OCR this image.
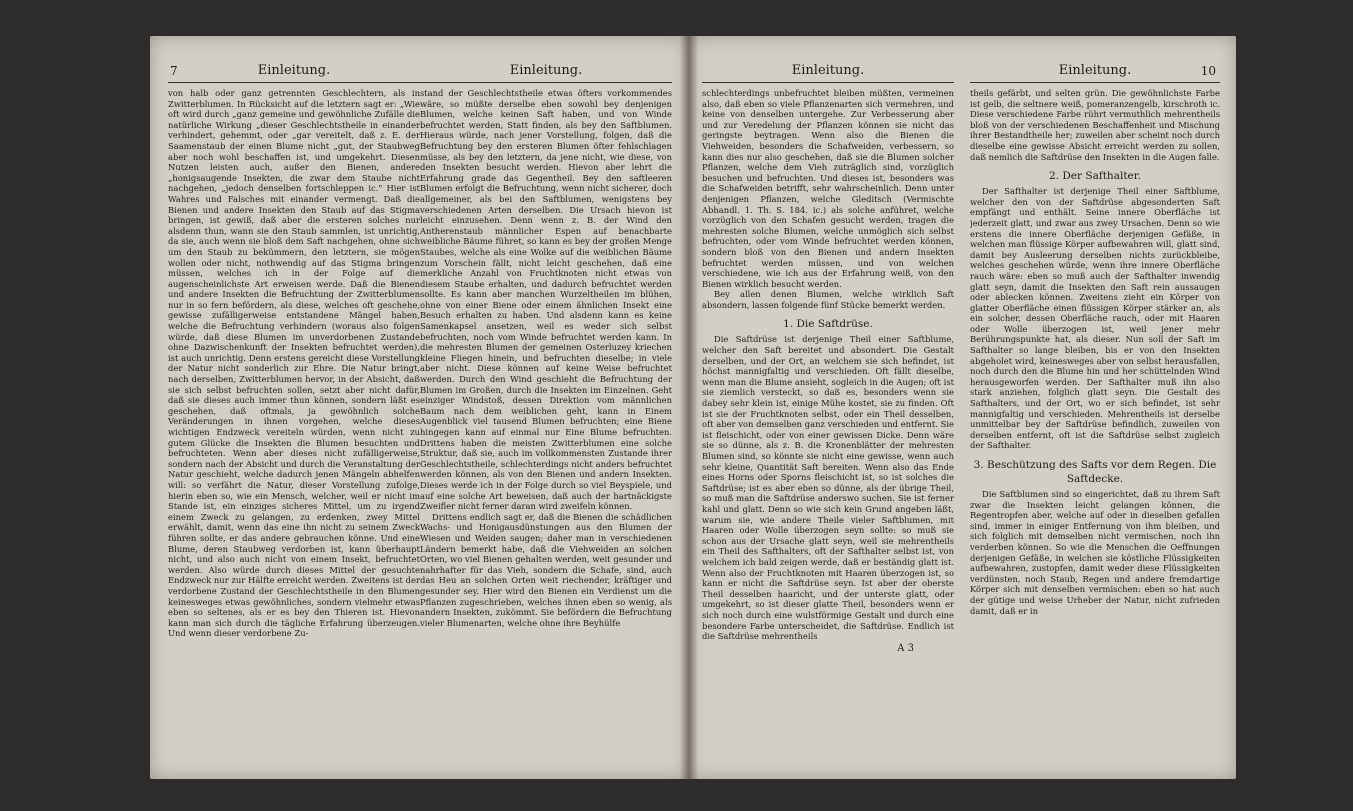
7	Einleitung.

von halb oder ganz getrennten Geschlechtern, als in Zwitterblumen. In Rücksicht auf die letztern sagt er: „Wie oft wird durch „ganz gemeine und gewöhnliche Zufälle die natürliche Wirkung „dieser Geschlechtstheile in einander verhindert, gehemmt, oder „gar vereitelt, daß z. E. der Saamenstaub der einen Blume nicht „gut, der Staubweg aber noch wohl beschaffen ist, und umgekehrt. Diesen Nutzen leisten auch, außer den Bienen, andere „honigsaugende Insekten, die zwar dem Staube nicht nachgehen, „jedoch denselben fortschleppen ic." Hier ist Wahres und Falsches mit einander vermengt. Daß die Bienen und andere Insekten den Staub auf das Stigma bringen, ist gewiß, daß aber die ersteren solches nur alsdenn thun, wann sie den Staub sammlen, ist unrichtig, da sie, auch wenn sie bloß dem Saft nachgehen, ohne sich um den Staub zu bekümmern, den letztern, sie mögen wollen oder nicht, nothwendig auf das Stigma bringen müssen, welches ich in der Folge auf die augenscheinlichste Art erweisen werde. Daß die Bienen und andere Insekten die Befruchtung der Zwitterblumen nur in so fern befördern, als diese, welches oft geschehe, gewisse zufälligerweise entstandene Mängel haben, welche die Befruchtung verhindern (woraus also folgen würde, daß diese Blumen im unverdorbenen Zustande ohne Dazwischenkunft der Insekten befruchtet werden), ist auch unrichtig. Denn erstens gereicht diese Vorstellung der Natur nicht sonderlich zur Ehre. Die Natur bringt, nach derselben, Zwitterblumen hervor, in der Absicht, daß sie sich selbst befruchten sollen, setzt aber nicht dafür, daß sie dieses auch immer thun können, sondern läßt es geschehen, daß oftmals, ja gewöhnlich solche Veränderungen in ihnen vorgehen, welche dieses wichtigen Endzweck vereiteln würden, wenn nicht zu gutem Glücke die Insekten die Blumen besuchten und befruchteten. Wenn aber dieses nicht zufälligerweise, sondern nach der Absicht und durch die Veranstaltung der Natur geschieht, welche dadurch jenen Mängeln abhelfen will: so verfährt die Natur, dieser Vorstellung zufolge, hierin eben so, wie ein Mensch, welcher, weil er nicht im Stande ist, ein einziges sicheres Mittel, um zu irgend einem Zweck zu gelangen, zu erdenken, zwey Mittel erwählt, damit, wenn das eine ihn nicht zu seinem Zweck führen sollte, er das andere gebrauchen könne. Und eine Blume, deren Staubweg verdorben ist, kann überhaupt nicht, und also auch nicht von einem Insekt, befruchtet werden. Also würde durch dieses Mittel der gesuchte Endzweck nur zur Hälfte erreicht werden. Zweitens ist der verdorbene Zustand der Geschlechtstheile in den Blumen keinesweges etwas gewöhnliches, sondern vielmehr etwas eben so seltenes, als er es bey den Thieren ist. Hievon kann man sich durch die tägliche Erfahrung überzeugen. Und wenn dieser verdorbene Zu-

Einleitung.

stand der Geschlechtstheile etwas öfters vorkommendes wäre, so müßte derselbe eben sowohl bey denjenigen Blumen, welche keinen Saft haben, und von Winde befruchtet werden, Statt finden, als bey den Saftblumen. Hieraus würde, nach jener Vorstellung, folgen, daß die Befruchtung bey den ersteren Blumen öfter fehlschlagen müsse, als bey den letztern, da jene nicht, wie diese, von den Insekten besucht werden. Hievon aber lehrt die Erfahrung grade das Gegentheil. Bey den saftleeren Blumen erfolgt die Befruchtung, wenn nicht sicherer, doch allgemeiner, als bei den Saftblumen, wenigstens bey verschiedenen Arten derselben. Die Ursach hievon ist leicht einzusehen. Denn wenn z. B. der Wind den Antherenstaub männlicher Espen auf benachbarte weibliche Bäume führet, so kann es bey der großen Menge Staubes, welche als eine Wolke auf die weiblichen Bäume zum Vorschein fällt, nicht leicht geschehen, daß eine merkliche Anzahl von Fruchtknoten nicht etwas von diesem Staube erhalten, und dadurch befruchtet werden sollte. Es kann aber manchen Wurzeltheilen im blühen, ohne von einer Biene oder einem ähnlichen Insekt eine Besuch erhalten zu haben. Und alsdenn kann es keine Samenkapsel ansetzen, weil es weder sich selbst befruchten, noch vom Winde befruchtet werden kann. In die mehresten Blumen der gemeinen Osterluzey kriechen kleine Fliegen hinein, und befruchten dieselbe; in viele aber nicht. Diese können auf keine Weise befruchtet werden. Durch den Wind geschieht die Befruchtung der Blumen im Großen, durch die Insekten im Einzelnen. Geht einziger Windstoß, dessen Direktion vom männlichen Baum nach dem weiblichen geht, kann in Einem Augenblick viel tausend Blumen befruchten; eine Biene hingegen kann auf einmal nur Eine Blume befruchten. Drittens haben die meisten Zwitterblumen eine solche Struktur, daß sie, auch im vollkommensten Zustande ihrer Geschlechtstheile, schlechterdings nicht anders befruchtet werden können, als von den Bienen und andern Insekten. Dieses werde ich in der Folge durch so viel Beyspiele, und auf eine solche Art beweisen, daß auch der hartnäckigste Zweifler nicht ferner daran wird zweifeln können.

Drittens endlich sagt er, daß die Bienen die schädlichen Wachs- und Honigausdünstungen aus den Blumen der Wiesen und Weiden saugen; daher man in verschiedenen Ländern bemerkt habe, daß die Viehweiden an solchen Orten, wo viel Bienen gehalten werden, weit gesunder und nahrhafter für das Vieh, sondern die Schafe, sind, auch das Heu an solchen Orten weit riechender, kräftiger und gesunder sey. Hier wird den Bienen ein Verdienst um die Pflanzen zugeschrieben, welches ihnen eben so wenig, als andern Insekten, zukömmt. Sie befördern die Befruchtung vieler Blumenarten, welche ohne ihre Beyhülfe

Einleitung.

schlechterdings unbefruchtet bleiben müßten, vermeinen also, daß eben so viele Pflanzenarten sich vermehren, und keine von denselben untergehe. Zur Verbesserung aber und zur Veredelung der Pflanzen können sie nicht das geringste beytragen. Wenn also die Bienen die Viehweiden, besonders die Schafweiden, verbessern, so kann dies nur also geschehen, daß sie die Blumen solcher Pflanzen, welche dem Vieh zuträglich sind, vorzüglich besuchen und befruchten. Und dieses ist, besonders was die Schafweiden betrifft, sehr wahrscheinlich. Denn unter denjenigen Pflanzen, welche Gleditsch (Vermischte Abhandl. 1. Th. S. 184. ic.) als solche anführet, welche vorzüglich von den Schafen gesucht werden, tragen die mehresten solche Blumen, welche unmöglich sich selbst befruchten, oder vom Winde befruchtet werden können, sondern bloß von den Bienen und andern Insekten befruchtet werden müssen, und von welchen verschiedene, wie ich aus der Erfahrung weiß, von den Bienen wirklich besucht werden.

Bey allen denen Blumen, welche wirklich Saft absondern, lassen folgende fünf Stücke bemerkt werden.

1. Die Saftdrüse.

Die Saftdrüse ist derjenige Theil einer Saftblume, welcher den Saft bereitet und absondert. Die Gestalt derselben, und der Ort, an welchem sie sich befindet, ist höchst mannigfaltig und verschieden. Oft fällt dieselbe, wenn man die Blume ansieht, sogleich in die Augen; oft ist sie ziemlich versteckt, so daß es, besonders wenn sie dabey sehr klein ist, einige Mühe kostet, sie zu finden. Oft ist sie der Fruchtknoten selbst, oder ein Theil desselben, oft aber von demselben ganz verschieden und entfernt. Sie ist fleischicht, oder von einer gewissen Dicke. Denn wäre sie so dünne, als z. B. die Kronenblätter der mehresten Blumen sind, so könnte sie nicht eine gewisse, wenn auch sehr kleine, Quantität Saft bereiten. Wenn also das Ende eines Horns oder Sporns fleischicht ist, so ist solches die Saftdrüse; ist es aber eben so dünne, als der übrige Theil, so muß man die Saftdrüse anderswo suchen. Sie ist ferner kahl und glatt. Denn so wie sich kein Grund angeben läßt, warum sie, wie andere Theile vieler Saftblumen, mit Haaren oder Wolle überzogen seyn sollte: so muß sie schon aus der Ursache glatt seyn, weil sie mehrentheils ein Theil des Safthalters, oft der Safthalter selbst ist, von welchem ich bald zeigen werde, daß er beständig glatt ist. Wenn also der Fruchtknoten mit Haaren überzogen ist, so kann er nicht die Saftdrüse seyn. Ist aber der oberste Theil desselben haaricht, und der unterste glatt, oder umgekehrt, so ist dieser glatte Theil, besonders wenn er sich noch durch eine wulstförmige Gestalt und durch eine besondere Farbe unterscheidet, die Saftdrüse. Endlich ist die Saftdrüse mehrentheils

A 3
Einleitung.	10

theils gefärbt, und selten grün. Die gewöhnlichste Farbe ist gelb, die seltnere weiß, pomeranzengelb, kirschroth ic. Diese verschiedene Farbe rührt vermuthlich mehrentheils bloß von der verschiedenen Beschaffenheit und Mischung ihrer Bestandtheile her; zuweilen aber scheint noch durch dieselbe eine gewisse Absicht erreicht werden zu sollen, daß nemlich die Saftdrüse den Insekten in die Augen falle.

2. Der Safthalter.

Der Safthalter ist derjenige Theil einer Saftblume, welcher den von der Saftdrüse abgesonderten Saft empfängt und enthält. Seine innere Oberfläche ist jederzeit glatt, und zwar aus zwey Ursachen. Denn so wie erstens die innere Oberfläche derjenigen Gefäße, in welchen man flüssige Körper aufbewahren will, glatt sind, damit bey Ausleerung derselben nichts zurückbleibe, welches geschehen würde, wenn ihre innere Oberfläche rauch wäre: eben so muß auch der Safthalter inwendig glatt seyn, damit die Insekten den Saft rein aussaugen oder ablecken können. Zweitens zieht ein Körper von glatter Oberfläche einen flüssigen Körper stärker an, als ein solcher, dessen Oberfläche rauch, oder mit Haaren oder Wolle überzogen ist, weil jener mehr Berührungspunkte hat, als dieser. Nun soll der Saft im Safthalter so lange bleiben, bis er von den Insekten abgeholet wird, keinesweges aber von selbst herausfallen, noch durch den die Blume hin und her schüttelnden Wind herausgeworfen werden. Der Safthalter muß ihn also stark anziehen, folglich glatt seyn. Die Gestalt des Safthalters, und der Ort, wo er sich befindet, ist sehr mannigfaltig und verschieden. Mehrentheils ist derselbe unmittelbar bey der Saftdrüse befindlich, zuweilen von derselben entfernt, oft ist die Saftdrüse selbst zugleich der Safthalter.

3. Beschützung des Safts vor dem Regen. Die Saftdecke.

Die Saftblumen sind so eingerichtet, daß zu ihrem Saft zwar die Insekten leicht gelangen können, die Regentropfen aber, welche auf oder in dieselben gefallen sind, immer in einiger Entfernung von ihm bleiben, und sich folglich mit demselben nicht vermischen, noch ihn verderben können. So wie die Menschen die Oeffnungen derjenigen Gefäße, in welchen sie köstliche Flüssigkeiten aufbewahren, zustopfen, damit weder diese Flüssigkeiten verdünsten, noch Staub, Regen und andere fremdartige Körper sich mit denselben vermischen: eben so hat auch der gütige und weise Urheber der Natur, nicht zufrieden damit, daß er in
